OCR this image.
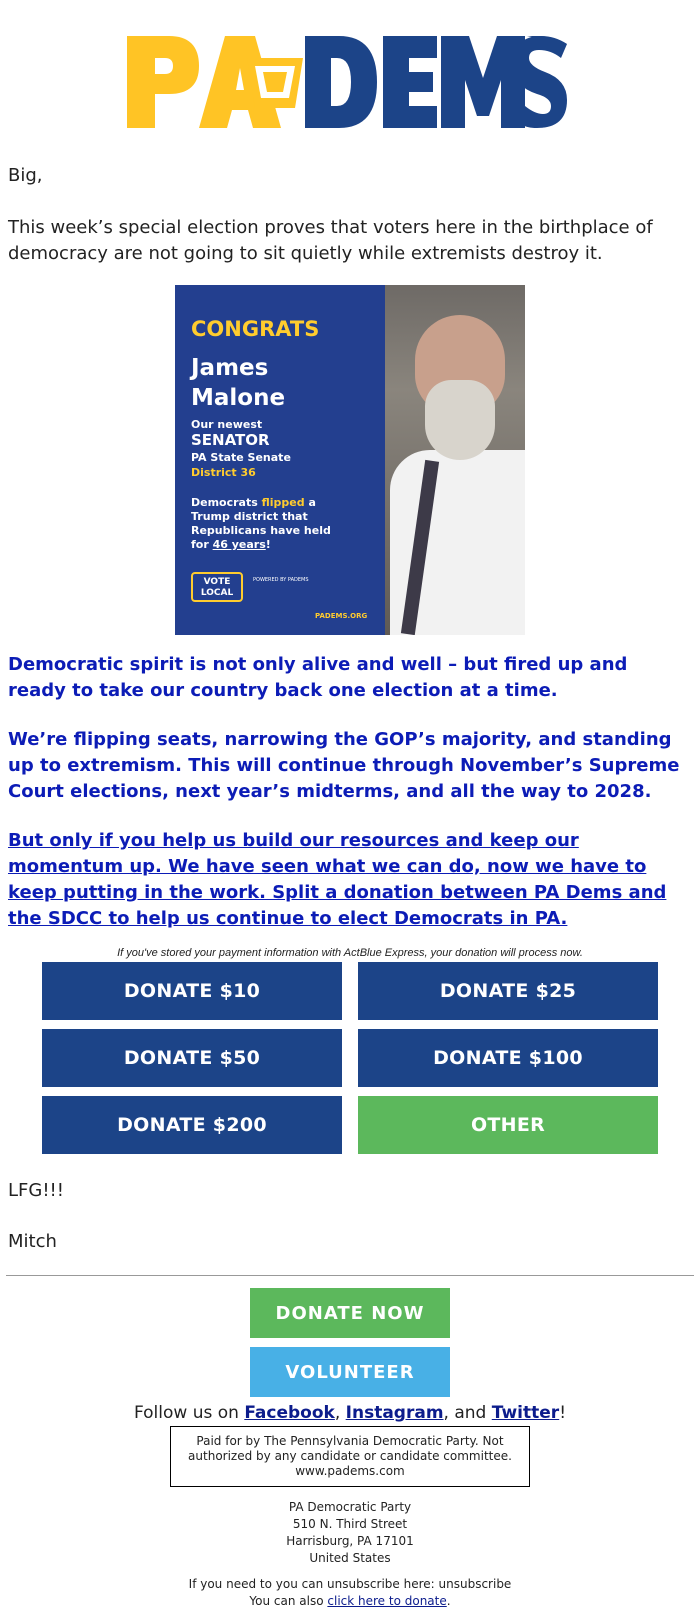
Big,
This week’s special election proves that voters here in the birthplace of democracy are not going to sit quietly while extremists destroy it.
CONGRATS
James
Malone
Our newest
SENATOR
PA State Senate
District 36
Democrats flipped a Trump district that Republicans have held for 46 years!
VOTE LOCAL
POWERED BY PADEMS
PADEMS.ORG
Democratic spirit is not only alive and well – but fired up and ready to take our country back one election at a time.
We’re flipping seats, narrowing the GOP’s majority, and standing up to extremism. This will continue through November’s Supreme Court elections, next year’s midterms, and all the way to 2028.
But only if you help us build our resources and keep our momentum up. We have seen what we can do, now we have to keep putting in the work. Split a donation between PA Dems and the SDCC to help us continue to elect Democrats in PA.
If you've stored your payment information with ActBlue Express, your donation will process now.
DONATE $10	DONATE $25
DONATE $50	DONATE $100
DONATE $200	OTHER
LFG!!!
Mitch
DONATE NOW
VOLUNTEER
Follow us on Facebook, Instagram, and Twitter!
Paid for by The Pennsylvania Democratic Party. Not
authorized by any candidate or candidate committee.
www.padems.com
PA Democratic Party
510 N. Third Street
Harrisburg, PA 17101
United States
If you need to you can unsubscribe here: unsubscribe
You can also click here to donate.
